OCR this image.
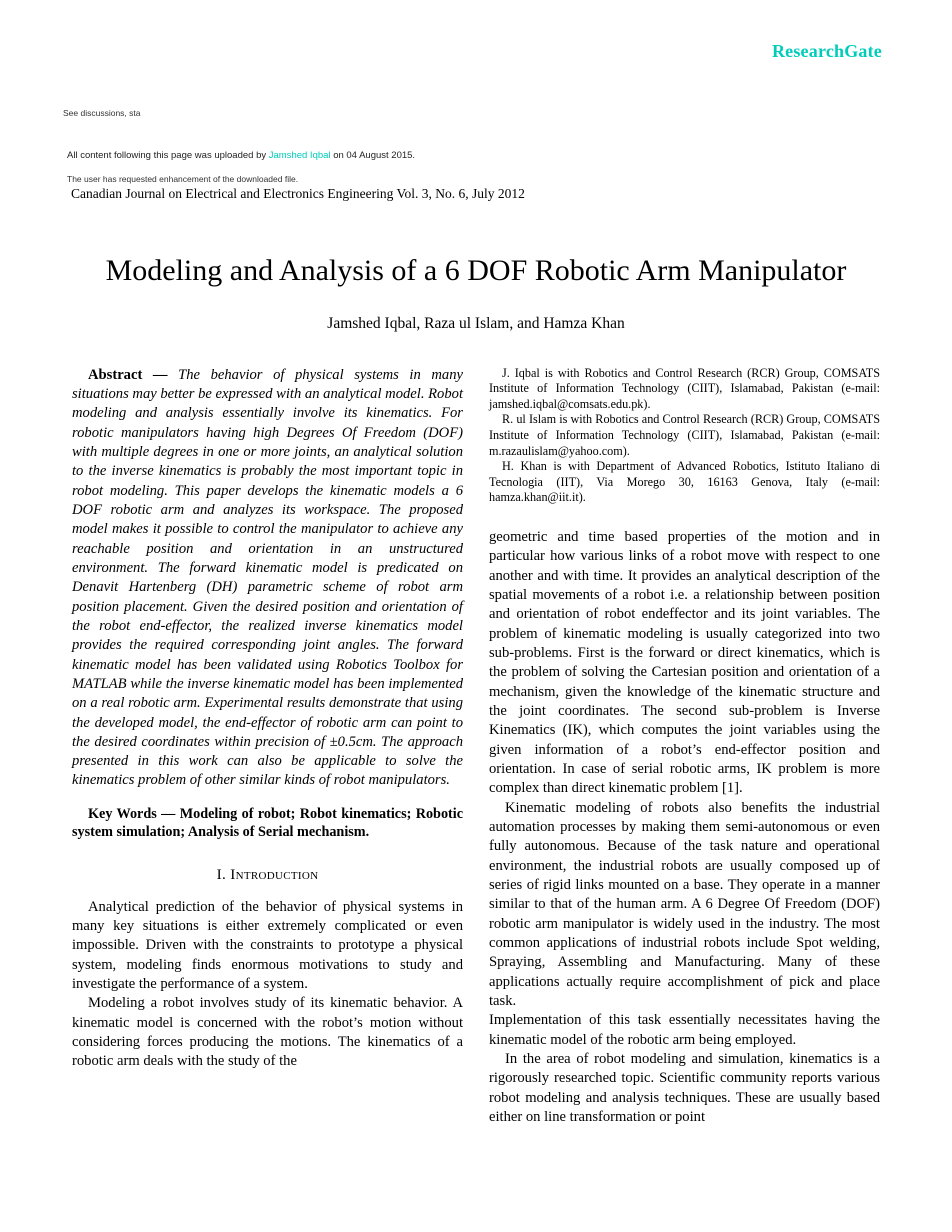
ResearchGate
See discussions, sta
All content following this page was uploaded by Jamshed Iqbal on 04 August 2015.
The user has requested enhancement of the downloaded file.
Canadian Journal on Electrical and Electronics Engineering Vol. 3, No. 6, July 2012
Modeling and Analysis of a 6 DOF Robotic Arm Manipulator
Jamshed Iqbal, Raza ul Islam, and Hamza Khan

Abstract — The behavior of physical systems in many situations may better be expressed with an analytical model. Robot modeling and analysis essentially involve its kinematics. For robotic manipulators having high Degrees Of Freedom (DOF) with multiple degrees in one or more joints, an analytical solution to the inverse kinematics is probably the most important topic in robot modeling. This paper develops the kinematic models a 6 DOF robotic arm and analyzes its workspace. The proposed model makes it possible to control the manipulator to achieve any reachable position and orientation in an unstructured environment. The forward kinematic model is predicated on Denavit Hartenberg (DH) parametric scheme of robot arm position placement. Given the desired position and orientation of the robot end-effector, the realized inverse kinematics model provides the required corresponding joint angles. The forward kinematic model has been validated using Robotics Toolbox for MATLAB while the inverse kinematic model has been implemented on a real robotic arm. Experimental results demonstrate that using the developed model, the end-effector of robotic arm can point to the desired coordinates within precision of ±0.5cm. The approach presented in this work can also be applicable to solve the kinematics problem of other similar kinds of robot manipulators.

Key Words — Modeling of robot; Robot kinematics; Robotic system simulation; Analysis of Serial mechanism.

I. Introduction

Analytical prediction of the behavior of physical systems in many key situations is either extremely complicated or even impossible. Driven with the constraints to prototype a physical system, modeling finds enormous motivations to study and investigate the performance of a system.

Modeling a robot involves study of its kinematic behavior. A kinematic model is concerned with the robot’s motion without considering forces producing the motions. The kinematics of a robotic arm deals with the study of the

J. Iqbal is with Robotics and Control Research (RCR) Group, COMSATS Institute of Information Technology (CIIT), Islamabad, Pakistan (e-mail: jamshed.iqbal@comsats.edu.pk).

R. ul Islam is with Robotics and Control Research (RCR) Group, COMSATS Institute of Information Technology (CIIT), Islamabad, Pakistan (e-mail: m.razaulislam@yahoo.com).

H. Khan is with Department of Advanced Robotics, Istituto Italiano di Tecnologia (IIT), Via Morego 30, 16163 Genova, Italy (e-mail: hamza.khan@iit.it).

geometric and time based properties of the motion and in particular how various links of a robot move with respect to one another and with time. It provides an analytical description of the spatial movements of a robot i.e. a relationship between position and orientation of robot endeffector and its joint variables. The problem of kinematic modeling is usually categorized into two sub-problems. First is the forward or direct kinematics, which is the problem of solving the Cartesian position and orientation of a mechanism, given the knowledge of the kinematic structure and the joint coordinates. The second sub-problem is Inverse Kinematics (IK), which computes the joint variables using the given information of a robot’s end-effector position and orientation. In case of serial robotic arms, IK problem is more complex than direct kinematic problem [1].

Kinematic modeling of robots also benefits the industrial automation processes by making them semi-autonomous or even fully autonomous. Because of the task nature and operational environment, the industrial robots are usually composed up of series of rigid links mounted on a base. They operate in a manner similar to that of the human arm. A 6 Degree Of Freedom (DOF) robotic arm manipulator is widely used in the industry. The most common applications of industrial robots include Spot welding, Spraying, Assembling and Manufacturing. Many of these applications actually require accomplishment of pick and place task.

Implementation of this task essentially necessitates having the kinematic model of the robotic arm being employed.

In the area of robot modeling and simulation, kinematics is a rigorously researched topic. Scientific community reports various robot modeling and analysis techniques. These are usually based either on line transformation or point
